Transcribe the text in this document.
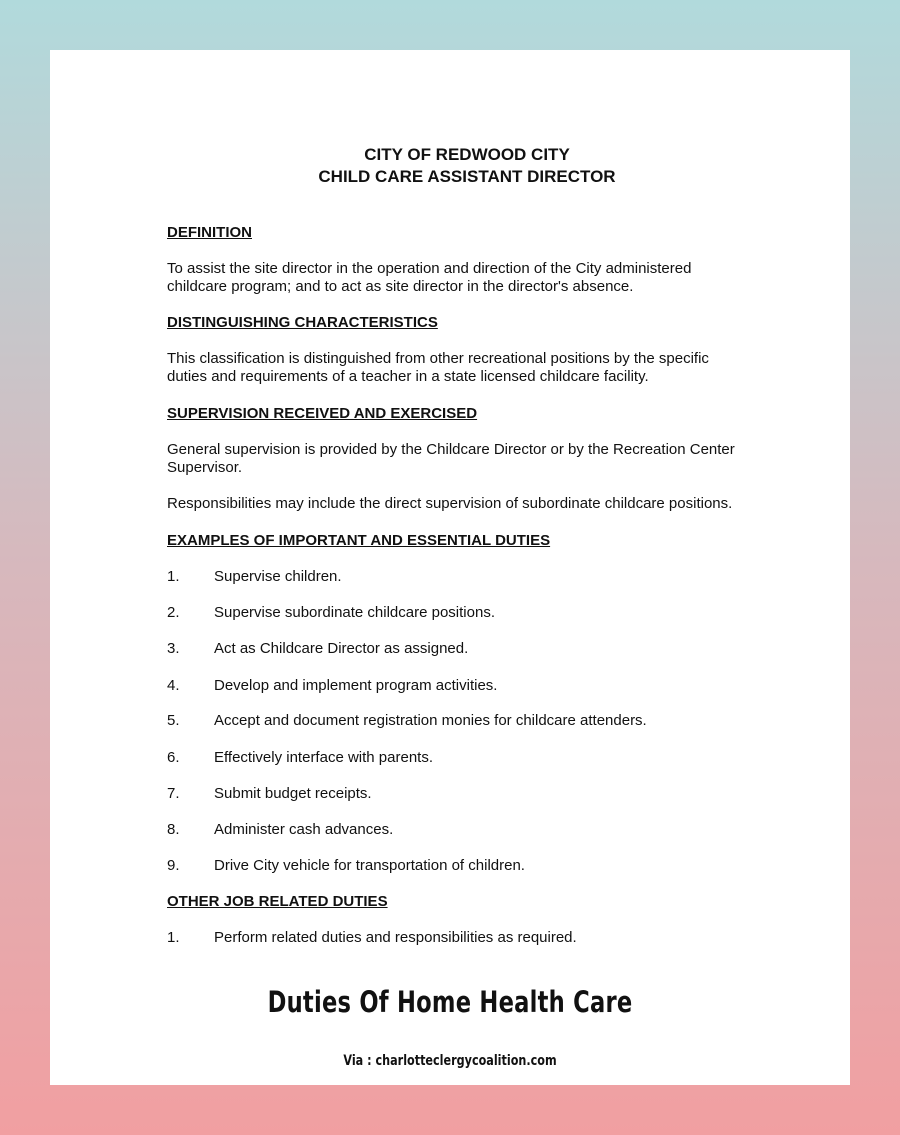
CITY OF REDWOOD CITY
CHILD CARE ASSISTANT DIRECTOR
DEFINITION
To assist the site director in the operation and direction of the City administered
childcare program; and to act as site director in the director's absence.
DISTINGUISHING CHARACTERISTICS
This classification is distinguished from other recreational positions by the specific
duties and requirements of a teacher in a state licensed childcare facility.
SUPERVISION RECEIVED AND EXERCISED
General supervision is provided by the Childcare Director or by the Recreation Center
Supervisor.
Responsibilities may include the direct supervision of subordinate childcare positions.
EXAMPLES OF IMPORTANT AND ESSENTIAL DUTIES
1. Supervise children.
2. Supervise subordinate childcare positions.
3. Act as Childcare Director as assigned.
4. Develop and implement program activities.
5. Accept and document registration monies for childcare attenders.
6. Effectively interface with parents.
7. Submit budget receipts.
8. Administer cash advances.
9. Drive City vehicle for transportation of children.
OTHER JOB RELATED DUTIES
1. Perform related duties and responsibilities as required.
Duties Of Home Health Care
Via : charlotteclergycoalition.com
